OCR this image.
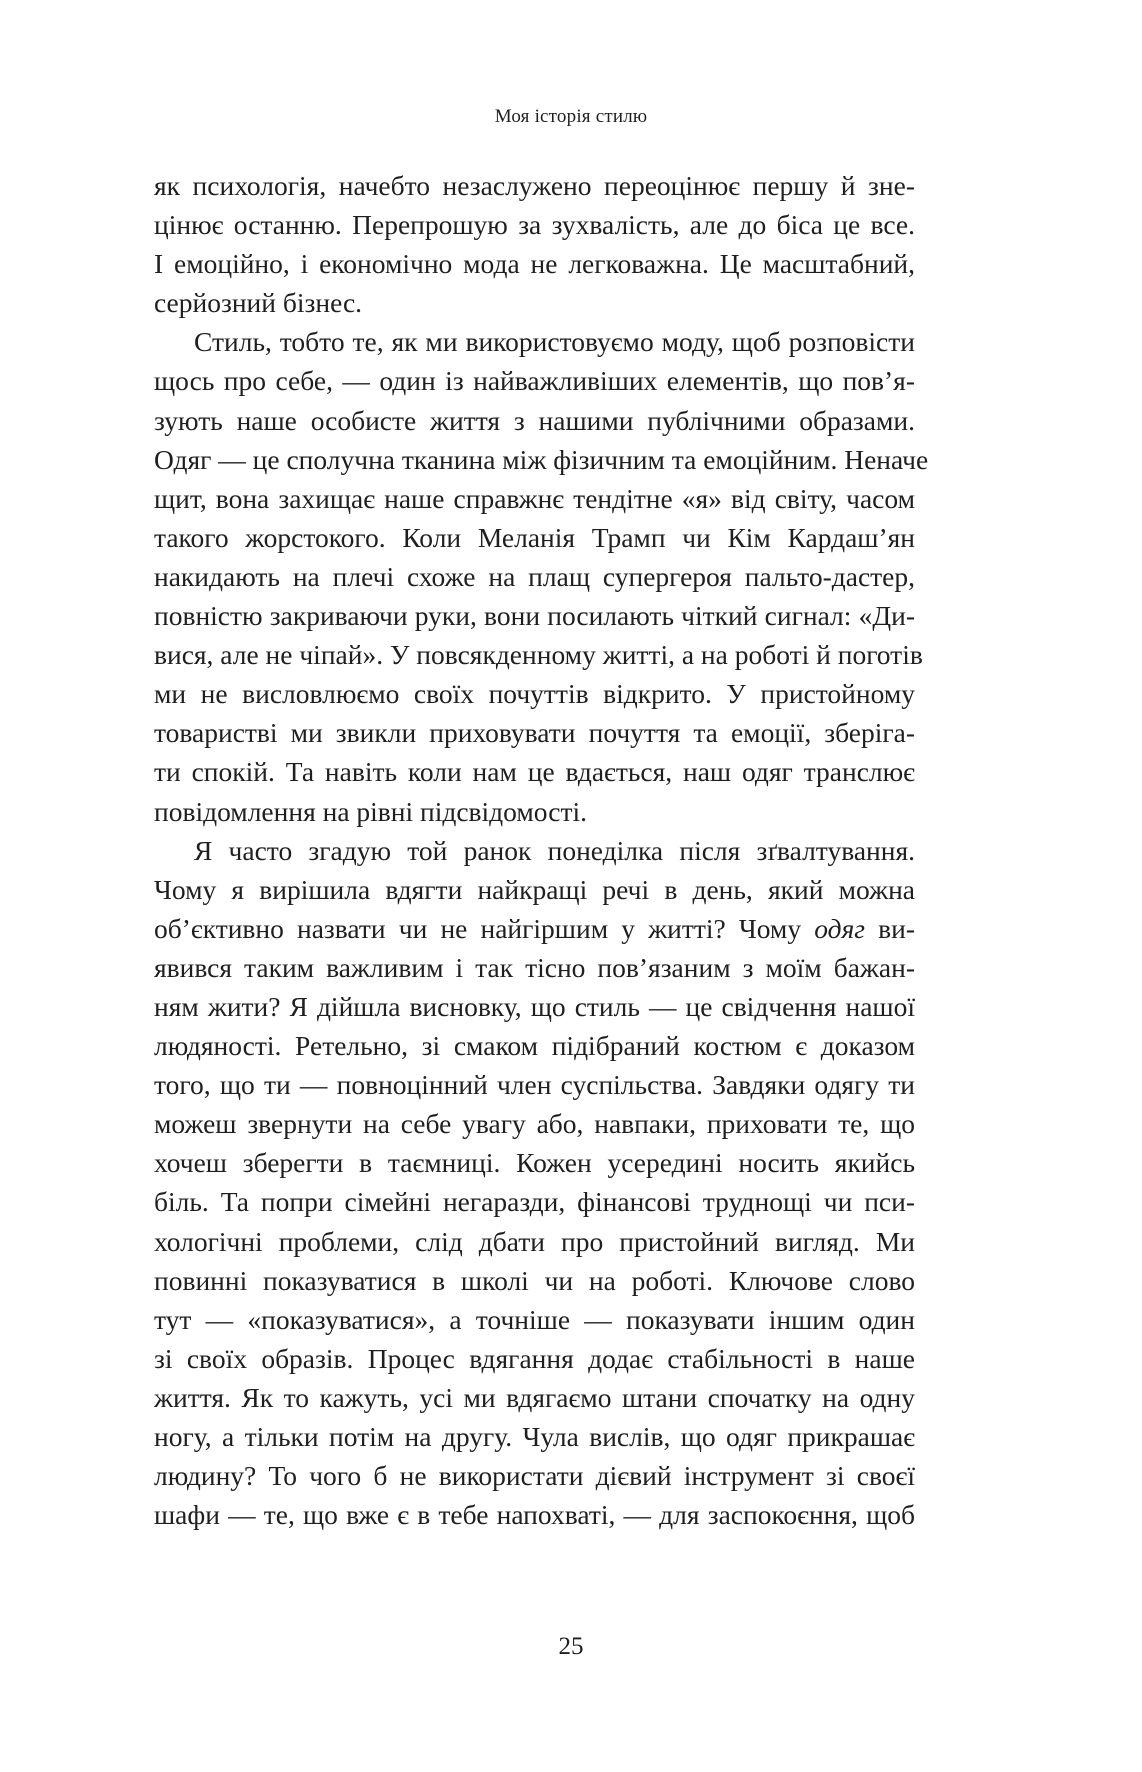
Моя історія стилю
як психологія, начебто незаслужено переоцінює першу й зне-
цінює останню. Перепрошую за зухвалість, але до біса це все.
І емоційно, і економічно мода не легковажна. Це масштабний,
серйозний бізнес.
Стиль, тобто те, як ми використовуємо моду, щоб розповісти
щось про себе, — один із найважливіших елементів, що пов’я-
зують наше особисте життя з нашими публічними образами.
Одяг — це сполучна тканина між фізичним та емоційним. Неначе
щит, вона захищає наше справжнє тендітне «я» від світу, часом
такого жорстокого. Коли Меланія Трамп чи Кім Кардаш’ян
накидають на плечі схоже на плащ супергероя пальто-дастер,
повністю закриваючи руки, вони посилають чіткий сигнал: «Ди-
вися, але не чіпай». У повсякденному житті, а на роботі й поготів
ми не висловлюємо своїх почуттів відкрито. У пристойному
товаристві ми звикли приховувати почуття та емоції, зберіга-
ти спокій. Та навіть коли нам це вдається, наш одяг транслює
повідомлення на рівні підсвідомості.
Я часто згадую той ранок понеділка після зґвалтування.
Чому я вирішила вдягти найкращі речі в день, який можна
об’єктивно назвати чи не найгіршим у житті? Чому одяг ви-
явився таким важливим і так тісно пов’язаним з моїм бажан-
ням жити? Я дійшла висновку, що стиль — це свідчення нашої
людяності. Ретельно, зі смаком підібраний костюм є доказом
того, що ти — повноцінний член суспільства. Завдяки одягу ти
можеш звернути на себе увагу або, навпаки, приховати те, що
хочеш зберегти в таємниці. Кожен усередині носить якийсь
біль. Та попри сімейні негаразди, фінансові труднощі чи пси-
хологічні проблеми, слід дбати про пристойний вигляд. Ми
повинні показуватися в школі чи на роботі. Ключове слово
тут — «показуватися», а точніше — показувати іншим один
зі своїх образів. Процес вдягання додає стабільності в наше
життя. Як то кажуть, усі ми вдягаємо штани спочатку на одну
ногу, а тільки потім на другу. Чула вислів, що одяг прикрашає
людину? То чого б не використати дієвий інструмент зі своєї
шафи — те, що вже є в тебе напохваті, — для заспокоєння, щоб
25
